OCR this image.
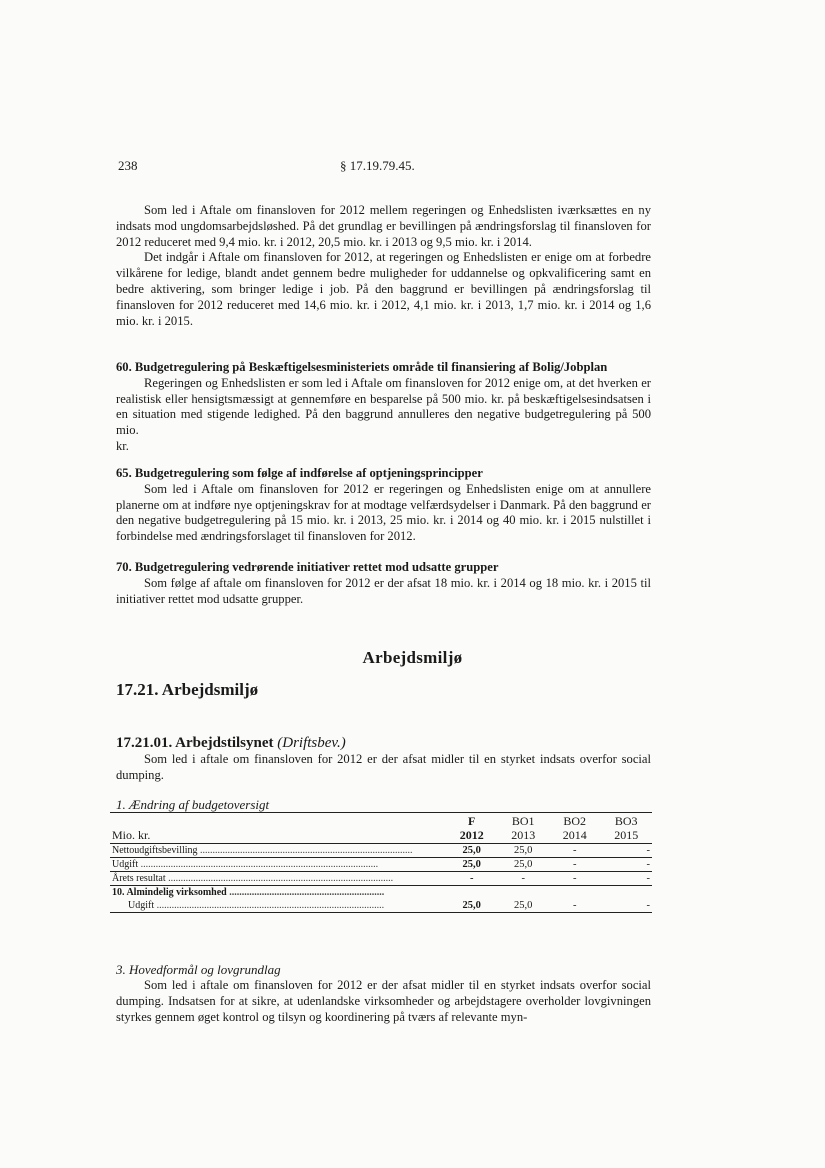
238	§ 17.19.79.45.

Som led i Aftale om finansloven for 2012 mellem regeringen og Enhedslisten iværksættes en ny indsats mod ungdomsarbejdsløshed. På det grundlag er bevillingen på ændringsforslag til finansloven for 2012 reduceret med 9,4 mio. kr. i 2012, 20,5 mio. kr. i 2013 og 9,5 mio. kr. i 2014.

Det indgår i Aftale om finansloven for 2012, at regeringen og Enhedslisten er enige om at forbedre vilkårene for ledige, blandt andet gennem bedre muligheder for uddannelse og opkvalificering samt en bedre aktivering, som bringer ledige i job. På den baggrund er bevillingen på ændringsforslag til finansloven for 2012 reduceret med 14,6 mio. kr. i 2012, 4,1 mio. kr. i 2013, 1,7 mio. kr. i 2014 og 1,6 mio. kr. i 2015.

60. Budgetregulering på Beskæftigelsesministeriets område til finansiering af Bolig/Jobplan

Regeringen og Enhedslisten er som led i Aftale om finansloven for 2012 enige om, at det hverken er realistisk eller hensigtsmæssigt at gennemføre en besparelse på 500 mio. kr. på beskæftigelsesindsatsen i en situation med stigende ledighed. På den baggrund annulleres den negative budgetregulering på 500 mio.

kr.

65. Budgetregulering som følge af indførelse af optjeningsprincipper

Som led i Aftale om finansloven for 2012 er regeringen og Enhedslisten enige om at annullere planerne om at indføre nye optjeningskrav for at modtage velfærdsydelser i Danmark. På den baggrund er den negative budgetregulering på 15 mio. kr. i 2013, 25 mio. kr. i 2014 og 40 mio. kr. i 2015 nulstillet i forbindelse med ændringsforslaget til finansloven for 2012.

70. Budgetregulering vedrørende initiativer rettet mod udsatte grupper

Som følge af aftale om finansloven for 2012 er der afsat 18 mio. kr. i 2014 og 18 mio. kr. i 2015 til initiativer rettet mod udsatte grupper.

Arbejdsmiljø
17.21. Arbejdsmiljø
17.21.01. Arbejdstilsynet (Driftsbev.)

Som led i aftale om finansloven for 2012 er der afsat midler til en styrket indsats overfor social dumping.

1. Ændring af budgetoversigt
	F	BO1	BO2	BO3
Mio. kr.	2012	2013	2014	2015
Nettoudgiftsbevilling .....................................................................................	25,0	25,0	-	-
Udgift ...............................................................................................	25,0	25,0	-	-
Årets resultat ..........................................................................................	-	-	-	-
10. Almindelig virksomhed ..............................................................				
Udgift ...........................................................................................	25,0	25,0	-	-
3. Hovedformål og lovgrundlag

Som led i aftale om finansloven for 2012 er der afsat midler til en styrket indsats overfor social dumping. Indsatsen for at sikre, at udenlandske virksomheder og arbejdstagere overholder lovgivningen styrkes gennem øget kontrol og tilsyn og koordinering på tværs af relevante myn-
